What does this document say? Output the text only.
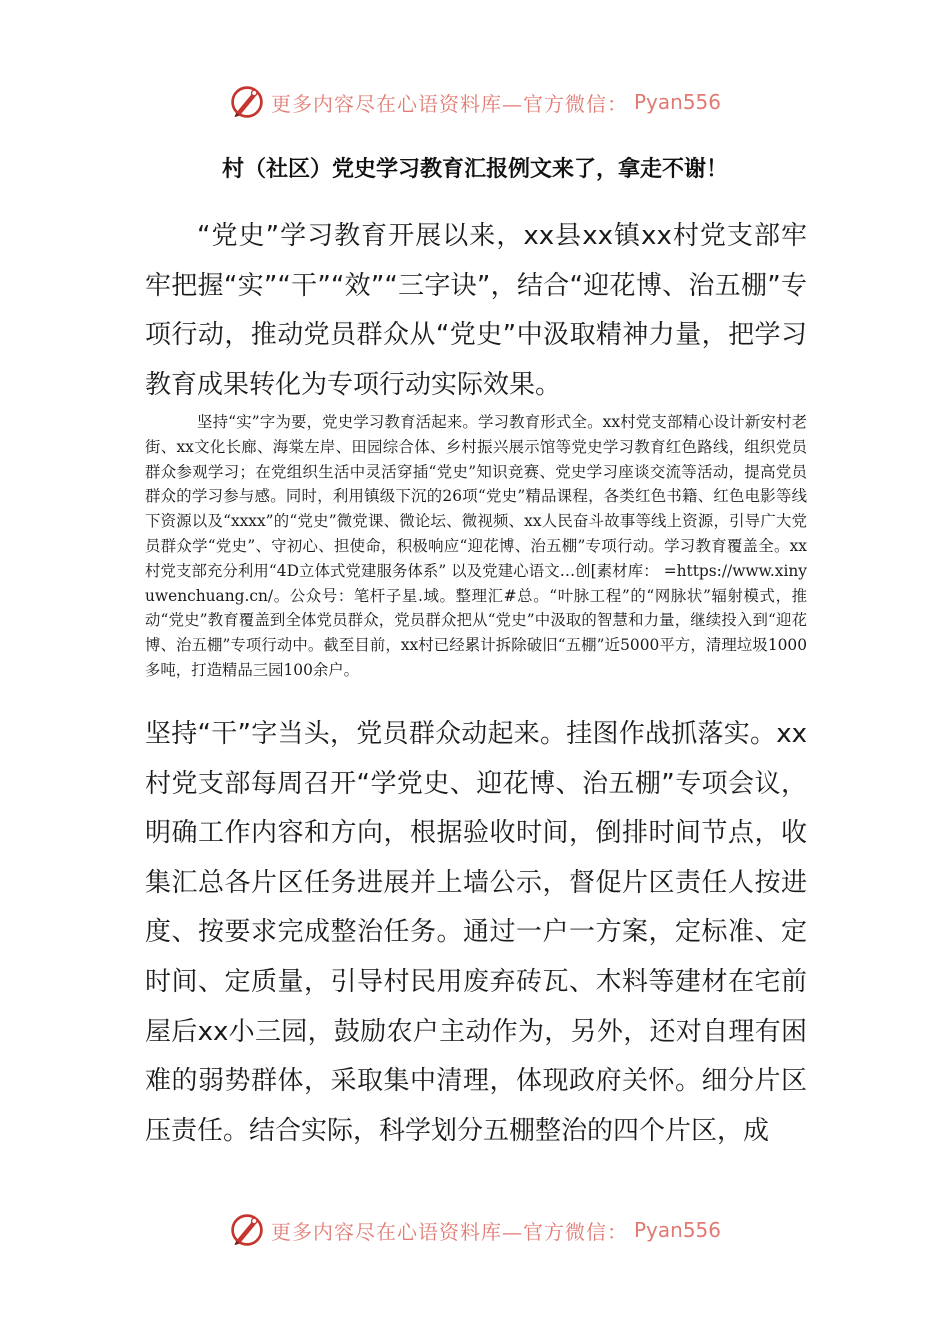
更多内容尽在心语资料库—官方微信： Pyan556
村（社区）党史学习教育汇报例文来了，拿走不谢！

“党史”学习教育开展以来，xx县xx镇xx村党支部牢牢把握“实”“干”“效”“三字诀”，结合“迎花博、治五棚”专项行动，推动党员群众从“党史”中汲取精神力量，把学习教育成果转化为专项行动实际效果。

坚持“实”字为要，党史学习教育活起来。学习教育形式全。xx村党支部精心设计新安村老街、xx文化长廊、海棠左岸、田园综合体、乡村振兴展示馆等党史学习教育红色路线，组织党员群众参观学习；在党组织生活中灵活穿插“党史”知识竞赛、党史学习座谈交流等活动，提高党员群众的学习参与感。同时，利用镇级下沉的26项“党史”精品课程，各类红色书籍、红色电影等线下资源以及“xxxx”的“党史”微党课、微论坛、微视频、xx人民奋斗故事等线上资源，引导广大党员群众学“党史”、守初心、担使命，积极响应“迎花博、治五棚”专项行动。学习教育覆盖全。xx村党支部充分利用“4D立体式党建服务体系” 以及党建心语文…创[素材库： =https://www.xinyuwenchuang.cn/。公众号：笔杆子星.域。整理汇#总。“叶脉工程”的“网脉状”辐射模式，推动“党史”教育覆盖到全体党员群众，党员群众把从“党史”中汲取的智慧和力量，继续投入到“迎花博、治五棚”专项行动中。截至目前，xx村已经累计拆除破旧“五棚”近5000平方，清理垃圾1000多吨，打造精品三园100余户。

坚持“干”字当头，党员群众动起来。挂图作战抓落实。xx村党支部每周召开“学党史、迎花博、治五棚”专项会议，明确工作内容和方向，根据验收时间，倒排时间节点，收集汇总各片区任务进展并上墙公示，督促片区责任人按进度、按要求完成整治任务。通过一户一方案，定标准、定时间、定质量，引导村民用废弃砖瓦、木料等建材在宅前屋后xx小三园，鼓励农户主动作为，另外，还对自理有困难的弱势群体，采取集中清理，体现政府关怀。细分片区压责任。结合实际，科学划分五棚整治的四个片区，成

更多内容尽在心语资料库—官方微信： Pyan556
